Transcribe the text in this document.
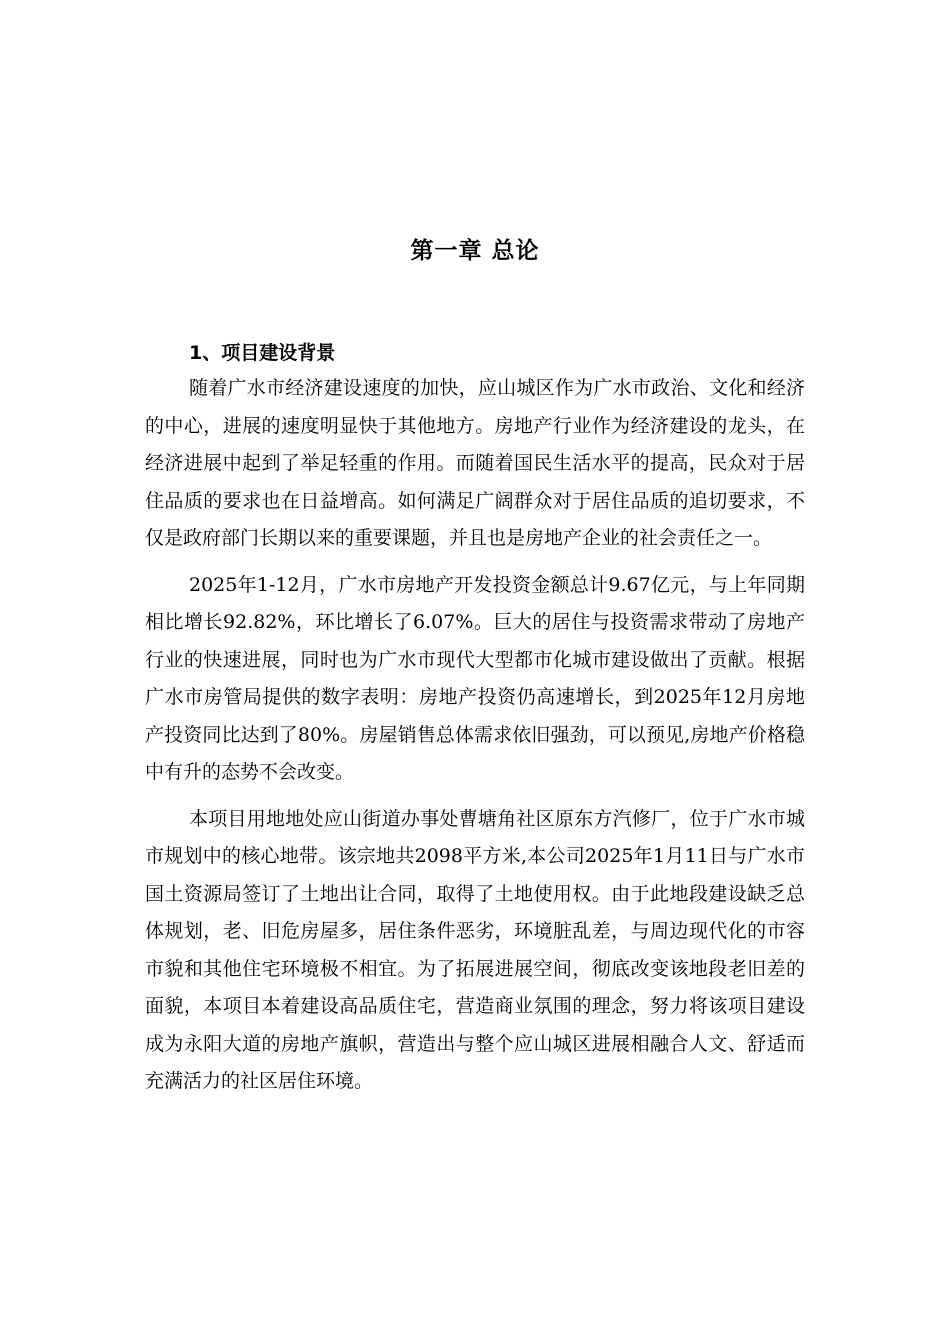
第一章 总论
1、项目建设背景

随着广水市经济建设速度的加快，应山城区作为广水市政治、文化和经济的中心，进展的速度明显快于其他地方。房地产行业作为经济建设的龙头，在经济进展中起到了举足轻重的作用。而随着国民生活水平的提高，民众对于居住品质的要求也在日益增高。如何满足广阔群众对于居住品质的追切要求，不仅是政府部门长期以来的重要课题，并且也是房地产企业的社会责任之一。

2025年1-12月，广水市房地产开发投资金额总计9.67亿元，与上年同期相比增长92.82%，环比增长了6.07%。巨大的居住与投资需求带动了房地产行业的快速进展，同时也为广水市现代大型都市化城市建设做出了贡献。根据广水市房管局提供的数字表明：房地产投资仍高速增长，到2025年12月房地产投资同比达到了80%。房屋销售总体需求依旧强劲，可以预见,房地产价格稳中有升的态势不会改变。

本项目用地地处应山街道办事处曹塘角社区原东方汽修厂，位于广水市城市规划中的核心地带。该宗地共2098平方米,本公司2025年1月11日与广水市国土资源局签订了土地出让合同，取得了土地使用权。由于此地段建设缺乏总体规划，老、旧危房屋多，居住条件恶劣，环境脏乱差，与周边现代化的市容市貌和其他住宅环境极不相宜。为了拓展进展空间，彻底改变该地段老旧差的面貌，本项目本着建设高品质住宅，营造商业氛围的理念，努力将该项目建设成为永阳大道的房地产旗帜，营造出与整个应山城区进展相融合人文、舒适而充满活力的社区居住环境。
